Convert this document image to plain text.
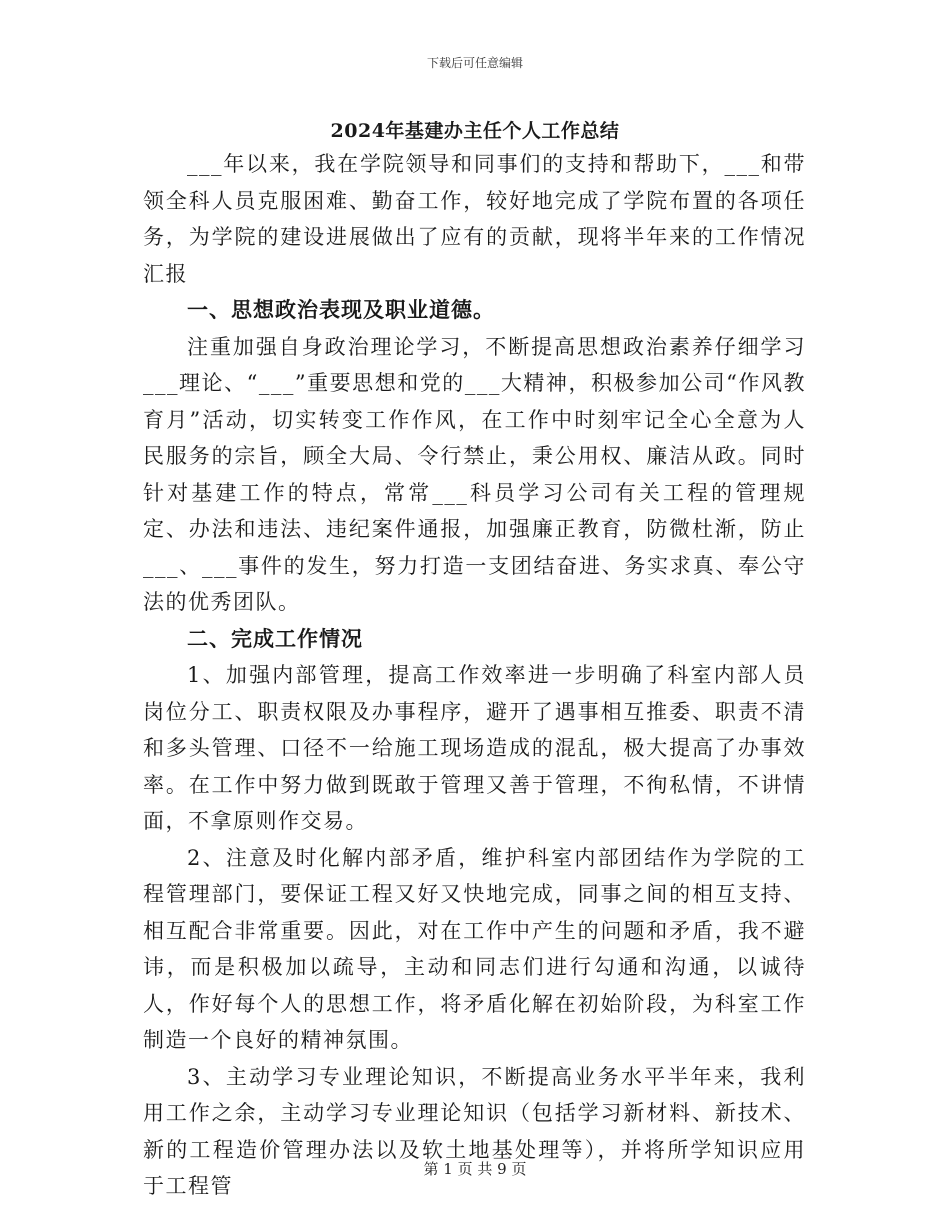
下载后可任意编辑
2024年基建办主任个人工作总结

___年以来，我在学院领导和同事们的支持和帮助下，___和带领全科人员克服困难、勤奋工作，较好地完成了学院布置的各项任务，为学院的建设进展做出了应有的贡献，现将半年来的工作情况汇报

一、思想政治表现及职业道德。

注重加强自身政治理论学习，不断提高思想政治素养仔细学习___理论、“___”重要思想和党的___大精神，积极参加公司“作风教育月”活动，切实转变工作作风，在工作中时刻牢记全心全意为人民服务的宗旨，顾全大局、令行禁止，秉公用权、廉洁从政。同时针对基建工作的特点，常常___科员学习公司有关工程的管理规定、办法和违法、违纪案件通报，加强廉正教育，防微杜渐，防止___、___事件的发生，努力打造一支团结奋进、务实求真、奉公守法的优秀团队。

二、完成工作情况

1、加强内部管理，提高工作效率进一步明确了科室内部人员岗位分工、职责权限及办事程序，避开了遇事相互推委、职责不清和多头管理、口径不一给施工现场造成的混乱，极大提高了办事效率。在工作中努力做到既敢于管理又善于管理，不徇私情，不讲情面，不拿原则作交易。

2、注意及时化解内部矛盾，维护科室内部团结作为学院的工程管理部门，要保证工程又好又快地完成，同事之间的相互支持、相互配合非常重要。因此，对在工作中产生的问题和矛盾，我不避讳，而是积极加以疏导，主动和同志们进行勾通和沟通，以诚待人，作好每个人的思想工作，将矛盾化解在初始阶段，为科室工作制造一个良好的精神氛围。

3、主动学习专业理论知识，不断提高业务水平半年来，我利用工作之余，主动学习专业理论知识（包括学习新材料、新技术、新的工程造价管理办法以及软土地基处理等），并将所学知识应用于工程管

第 1 页 共 9 页
